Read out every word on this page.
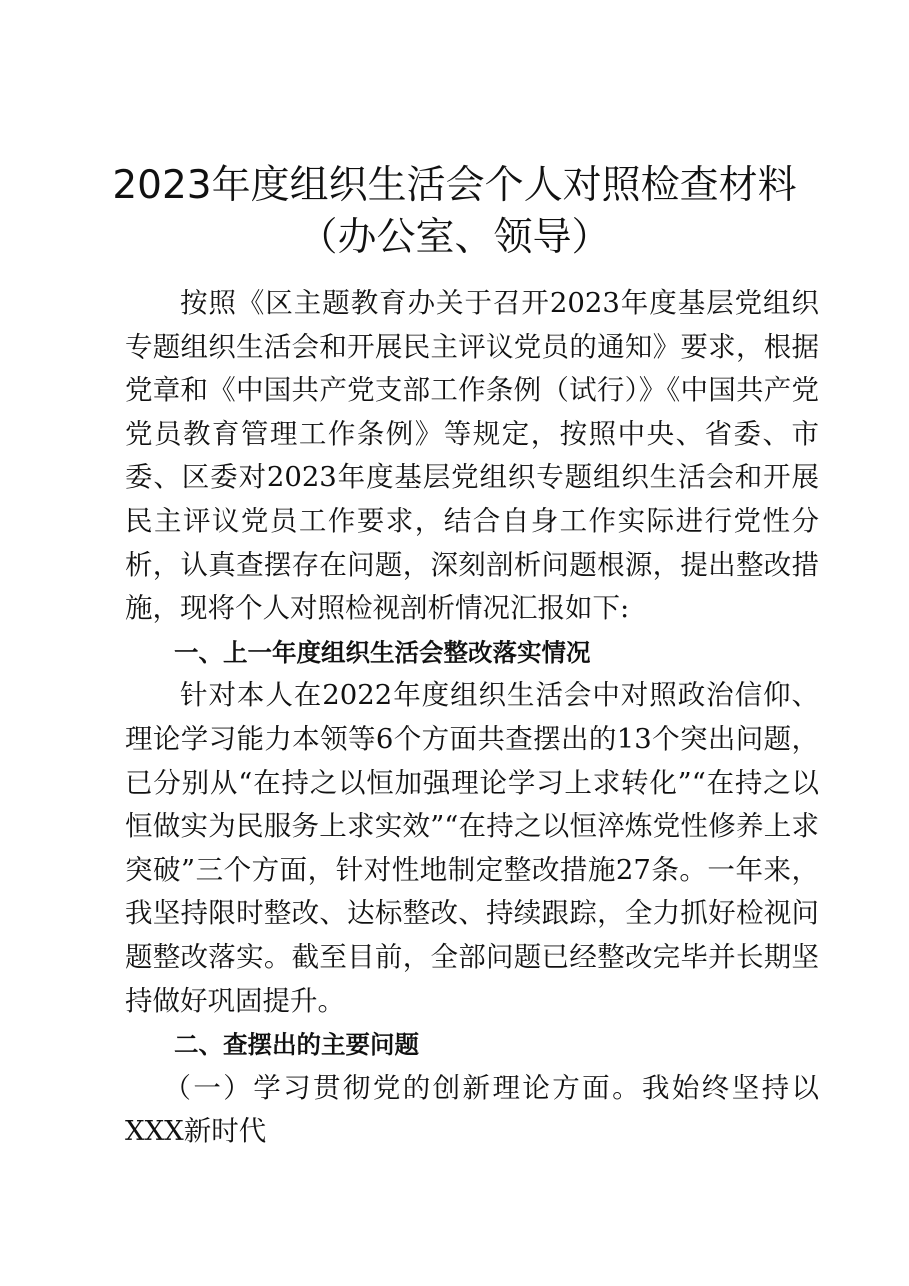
2023年度组织生活会个人对照检查材料（办公室、领导）

按照《区主题教育办关于召开2023年度基层党组织专题组织生活会和开展民主评议党员的通知》要求，根据党章和《中国共产党支部工作条例（试行）》《中国共产党党员教育管理工作条例》等规定，按照中央、省委、市委、区委对2023年度基层党组织专题组织生活会和开展民主评议党员工作要求，结合自身工作实际进行党性分析，认真查摆存在问题，深刻剖析问题根源，提出整改措施，现将个人对照检视剖析情况汇报如下:

一、上一年度组织生活会整改落实情况

针对本人在2022年度组织生活会中对照政治信仰、理论学习能力本领等6个方面共查摆出的13个突出问题，已分别从“在持之以恒加强理论学习上求转化”“在持之以恒做实为民服务上求实效”“在持之以恒淬炼党性修养上求突破”三个方面，针对性地制定整改措施27条。一年来，我坚持限时整改、达标整改、持续跟踪，全力抓好检视问题整改落实。截至目前，全部问题已经整改完毕并长期坚持做好巩固提升。

二、查摆出的主要问题

（一）学习贯彻党的创新理论方面。我始终坚持以XXX新时代
